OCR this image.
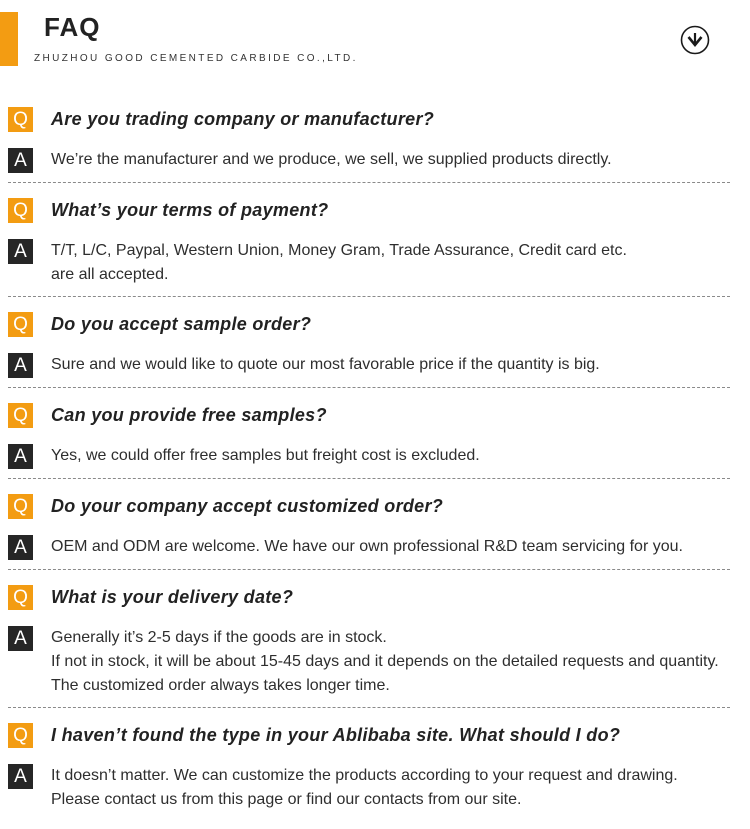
FAQ
ZHUZHOU GOOD CEMENTED CARBIDE CO.,LTD.
Q Are you trading company or manufacturer?
A	We’re the manufacturer and we produce, we sell, we supplied products directly.
Q What’s your terms of payment?
A	T/T, L/C, Paypal, Western Union, Money Gram, Trade Assurance, Credit card etc.
are all accepted.
Q Do you accept sample order?
A	Sure and we would like to quote our most favorable price if the quantity is big.
Q Can you provide free samples?
A	Yes, we could offer free samples but freight cost is excluded.
Q Do your company accept customized order?
A	OEM and ODM are welcome. We have our own professional R&D team servicing for you.
Q What is your delivery date?
A	Generally it’s 2-5 days if the goods are in stock.
If not in stock, it will be about 15-45 days and it depends on the detailed requests and quantity.
The customized order always takes longer time.
Q I haven’t found the type in your Ablibaba site. What should I do?
A	It doesn’t matter. We can customize the products according to your request and drawing.
Please contact us from this page or find our contacts from our site.
